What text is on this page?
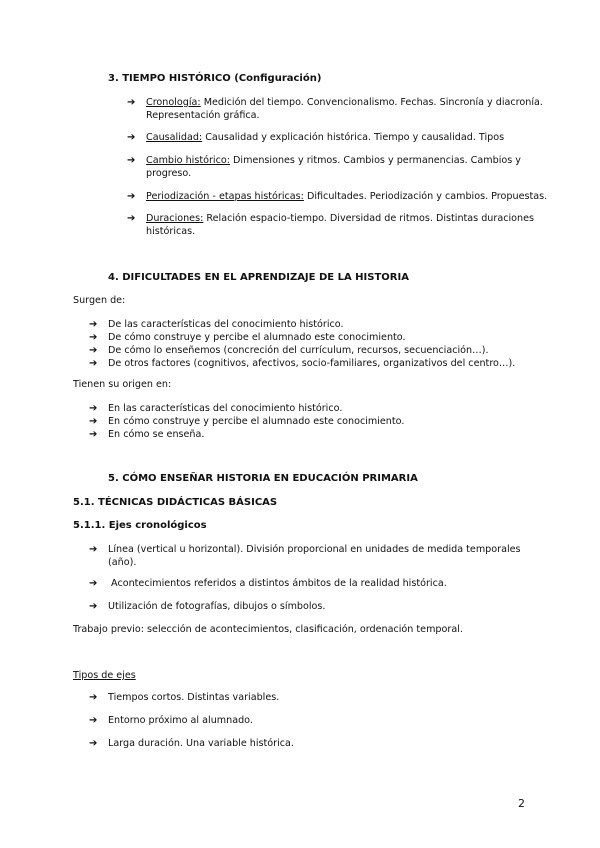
3. TIEMPO HISTÓRICO (Configuración)
➔ Cronología: Medición del tiempo. Convencionalismo. Fechas. Sincronía y diacronía.
Representación gráfica.
➔ Causalidad: Causalidad y explicación histórica. Tiempo y causalidad. Tipos
➔ Cambio histórico: Dimensiones y ritmos. Cambios y permanencias. Cambios y
progreso.
➔ Periodización - etapas históricas: Dificultades. Periodización y cambios. Propuestas.
➔ Duraciones: Relación espacio-tiempo. Diversidad de ritmos. Distintas duraciones
históricas.
4. DIFICULTADES EN EL APRENDIZAJE DE LA HISTORIA
Surgen de:
➔ De las características del conocimiento histórico.
➔ De cómo construye y percibe el alumnado este conocimiento.
➔ De cómo lo enseñemos (concreción del currículum, recursos, secuenciación…).
➔ De otros factores (cognitivos, afectivos, socio-familiares, organizativos del centro…).
Tienen su origen en:
➔ En las características del conocimiento histórico.
➔ En cómo construye y percibe el alumnado este conocimiento.
➔ En cómo se enseña.
5. CÓMO ENSEÑAR HISTORIA EN EDUCACIÓN PRIMARIA
5.1. TÉCNICAS DIDÁCTICAS BÁSICAS
5.1.1. Ejes cronológicos
➔ Línea (vertical u horizontal). División proporcional en unidades de medida temporales
(año).
➔ Acontecimientos referidos a distintos ámbitos de la realidad histórica.
➔ Utilización de fotografías, dibujos o símbolos.
Trabajo previo: selección de acontecimientos, clasificación, ordenación temporal.
Tipos de ejes
➔ Tiempos cortos. Distintas variables.
➔ Entorno próximo al alumnado.
➔ Larga duración. Una variable histórica.
2
